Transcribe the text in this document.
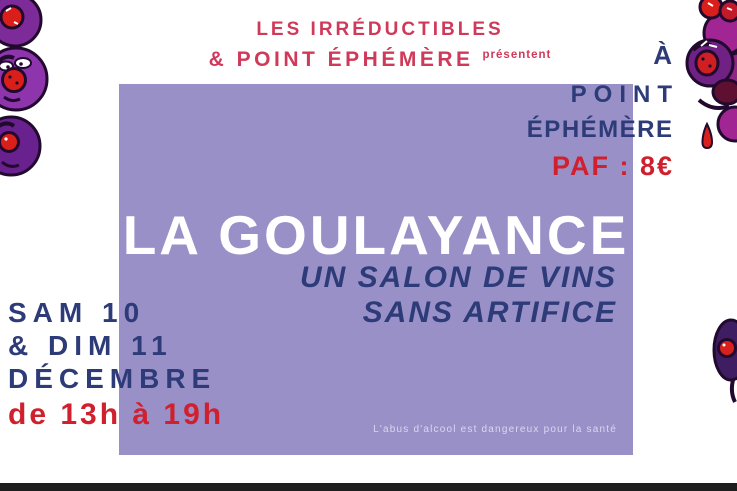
LES IRRÉDUCTIBLES
& POINT ÉPHÉMÈRE $^{présentent}$	À
POINT
ÉPHÉMÈRE
PAF : 8€
LA GOULAYANCE
UN SALON DE VINS
SANS ARTIFICE
SAM 10
& DIM 11
DÉCEMBRE
de 13h à 19h	L'abus d'alcool est dangereux pour la santé
